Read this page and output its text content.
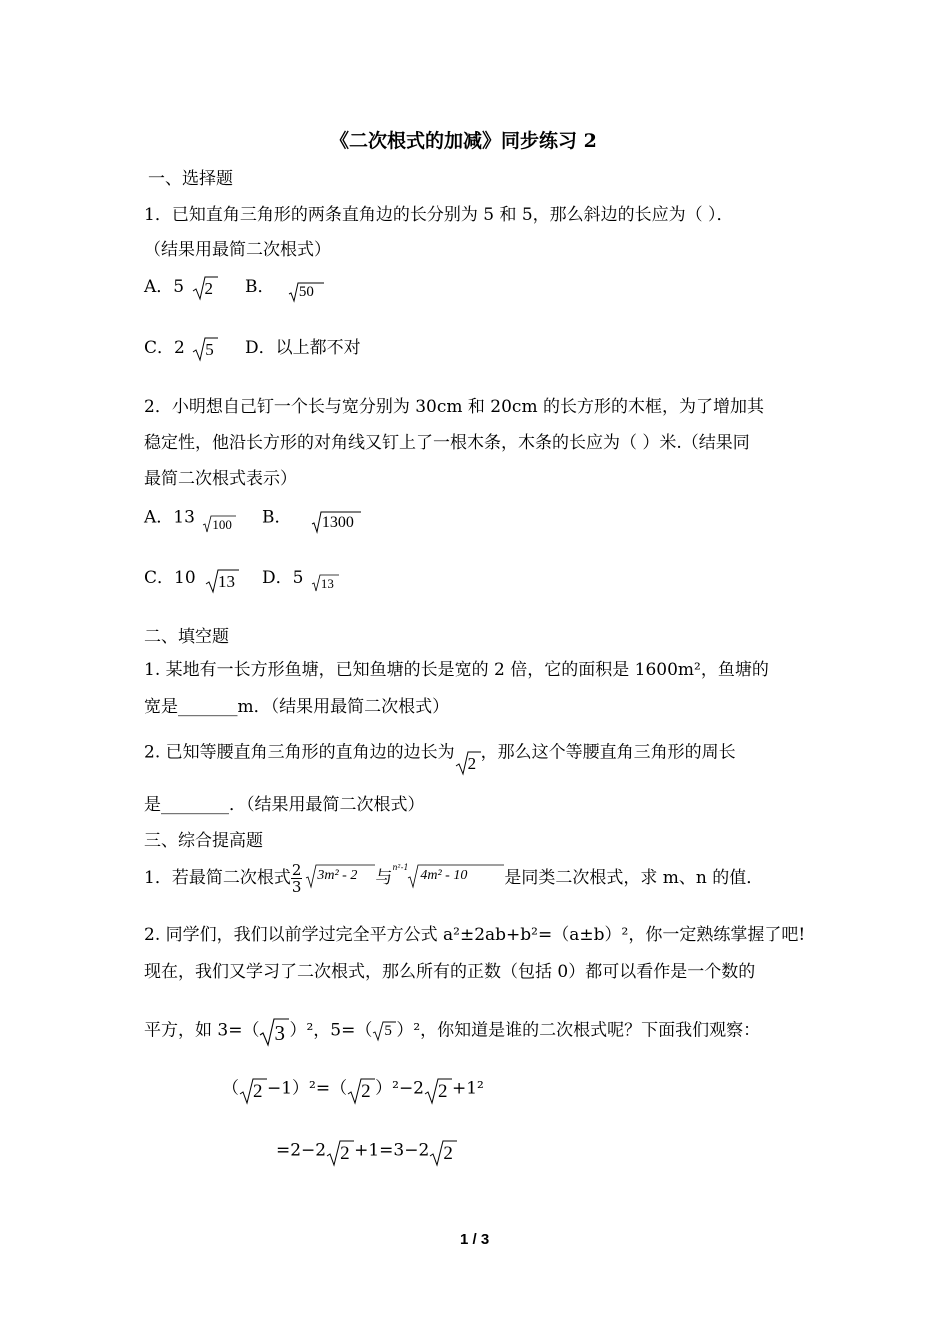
《二次根式的加减》同步练习 2
一、选择题
1．已知直角三角形的两条直角边的长分别为 5 和 5，那么斜边的长应为（ ）．
（结果用最简二次根式）
A．5 2 B． 50
C．2 5 D．以上都不对
2．小明想自己钉一个长与宽分别为 30cm 和 20cm 的长方形的木框，为了增加其
稳定性，他沿长方形的对角线又钉上了一根木条，木条的长应为（ ）米.（结果同
最简二次根式表示）
A．13 100 B． 1300
C．10 13 D．5 13
二、填空题
1. 某地有一长方形鱼塘，已知鱼塘的长是宽的 2 倍，它的面积是 1600m²，鱼塘的
宽是_______m．（结果用最简二次根式）
2. 已知等腰直角三角形的直角边的边长为
2
，那么这个等腰直角三角形的周长
是________．（结果用最简二次根式）
三、综合提高题
1．若最简二次根式 $\frac{2}{3} 3m^2 - 2$ 与
n²-1
4m² - 10 是同类二次根式，求 m、n 的值．
2. 同学们，我们以前学过完全平方公式 a²±2ab+b²=（a±b）²，你一定熟练掌握了吧!
现在，我们又学习了二次根式，那么所有的正数（包括 0）都可以看作是一个数的
平方，如 3=（ 3 ）²，5=（ 5 ）²，你知道是谁的二次根式呢？下面我们观察：
（ 2 −1）²=（ 2 ）²−2 2 +1²
=2−2 2 +1=3−2 2
1 / 3
